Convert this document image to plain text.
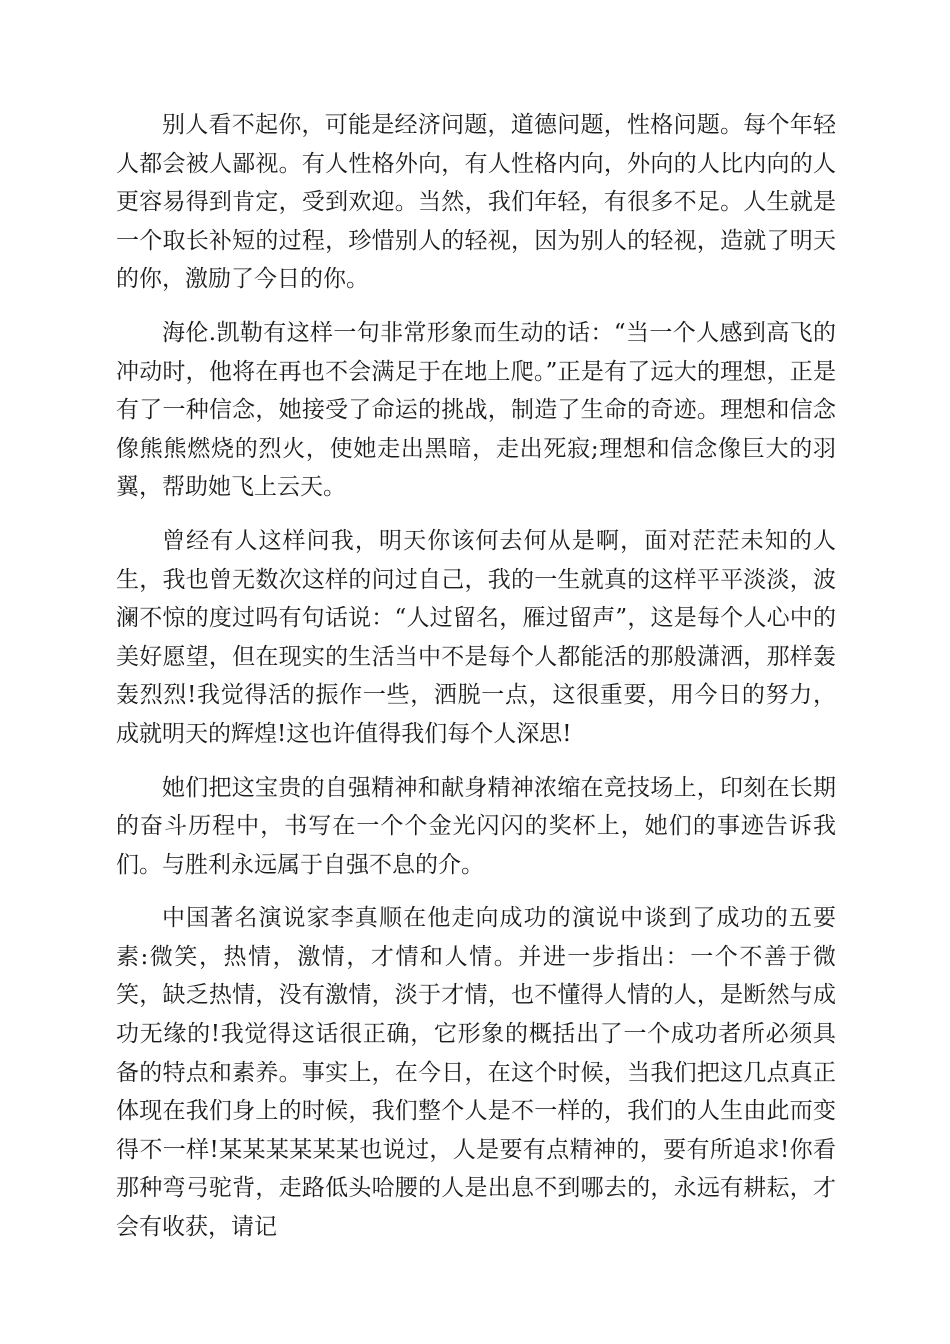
别人看不起你，可能是经济问题，道德问题，性格问题。每个年轻人都会被人鄙视。有人性格外向，有人性格内向，外向的人比内向的人更容易得到肯定，受到欢迎。当然，我们年轻，有很多不足。人生就是一个取长补短的过程，珍惜别人的轻视，因为别人的轻视，造就了明天的你，激励了今日的你。

海伦.凯勒有这样一句非常形象而生动的话：“当一个人感到高飞的冲动时，他将在再也不会满足于在地上爬。”正是有了远大的理想，正是有了一种信念，她接受了命运的挑战，制造了生命的奇迹。理想和信念像熊熊燃烧的烈火，使她走出黑暗，走出死寂;理想和信念像巨大的羽翼，帮助她飞上云天。

曾经有人这样问我，明天你该何去何从是啊，面对茫茫未知的人生，我也曾无数次这样的问过自己，我的一生就真的这样平平淡淡，波澜不惊的度过吗有句话说：“人过留名，雁过留声”，这是每个人心中的美好愿望，但在现实的生活当中不是每个人都能活的那般潇洒，那样轰轰烈烈!我觉得活的振作一些，洒脱一点，这很重要，用今日的努力，成就明天的辉煌!这也许值得我们每个人深思!

她们把这宝贵的自强精神和献身精神浓缩在竞技场上，印刻在长期的奋斗历程中，书写在一个个金光闪闪的奖杯上，她们的事迹告诉我们。与胜利永远属于自强不息的介。

中国著名演说家李真顺在他走向成功的演说中谈到了成功的五要素:微笑，热情，激情，才情和人情。并进一步指出：一个不善于微笑，缺乏热情，没有激情，淡于才情，也不懂得人情的人，是断然与成功无缘的!我觉得这话很正确，它形象的概括出了一个成功者所必须具备的特点和素养。事实上，在今日，在这个时候，当我们把这几点真正体现在我们身上的时候，我们整个人是不一样的，我们的人生由此而变得不一样!某某某某某某也说过，人是要有点精神的，要有所追求!你看那种弯弓驼背，走路低头哈腰的人是出息不到哪去的，永远有耕耘，才会有收获，请记
